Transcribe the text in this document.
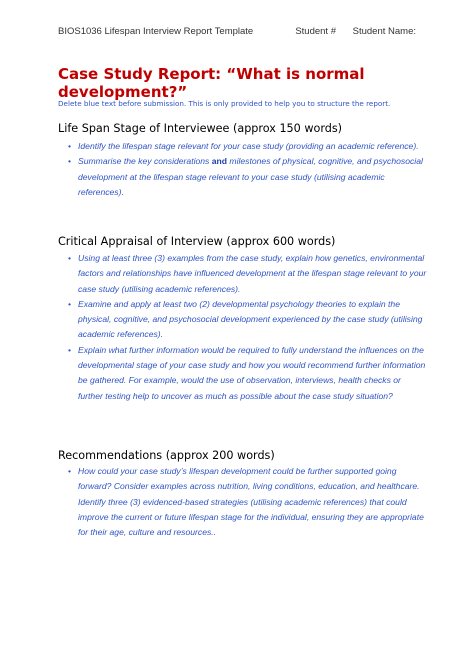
BIOS1036 Lifespan Interview Report Template	Student # Student Name:
Case Study Report: “What is normal development?”
Delete blue text before submission. This is only provided to help you to structure the report.
Life Span Stage of Interviewee (approx 150 words)
• Identify the lifespan stage relevant for your case study (providing an academic reference).
• Summarise the key considerations and milestones of physical, cognitive, and psychosocial development at the lifespan stage relevant to your case study (utilising academic references).
Critical Appraisal of Interview (approx 600 words)
• Using at least three (3) examples from the case study, explain how genetics, environmental factors and relationships have influenced development at the lifespan stage relevant to your case study (utilising academic references).
• Examine and apply at least two (2) developmental psychology theories to explain the physical, cognitive, and psychosocial development experienced by the case study (utilising academic references).
• Explain what further information would be required to fully understand the influences on the developmental stage of your case study and how you would recommend further information be gathered. For example, would the use of observation, interviews, health checks or further testing help to uncover as much as possible about the case study situation?
Recommendations (approx 200 words)
• How could your case study’s lifespan development could be further supported going forward? Consider examples across nutrition, living conditions, education, and healthcare. Identify three (3) evidenced-based strategies (utilising academic references) that could improve the current or future lifespan stage for the individual, ensuring they are appropriate for their age, culture and resources..
